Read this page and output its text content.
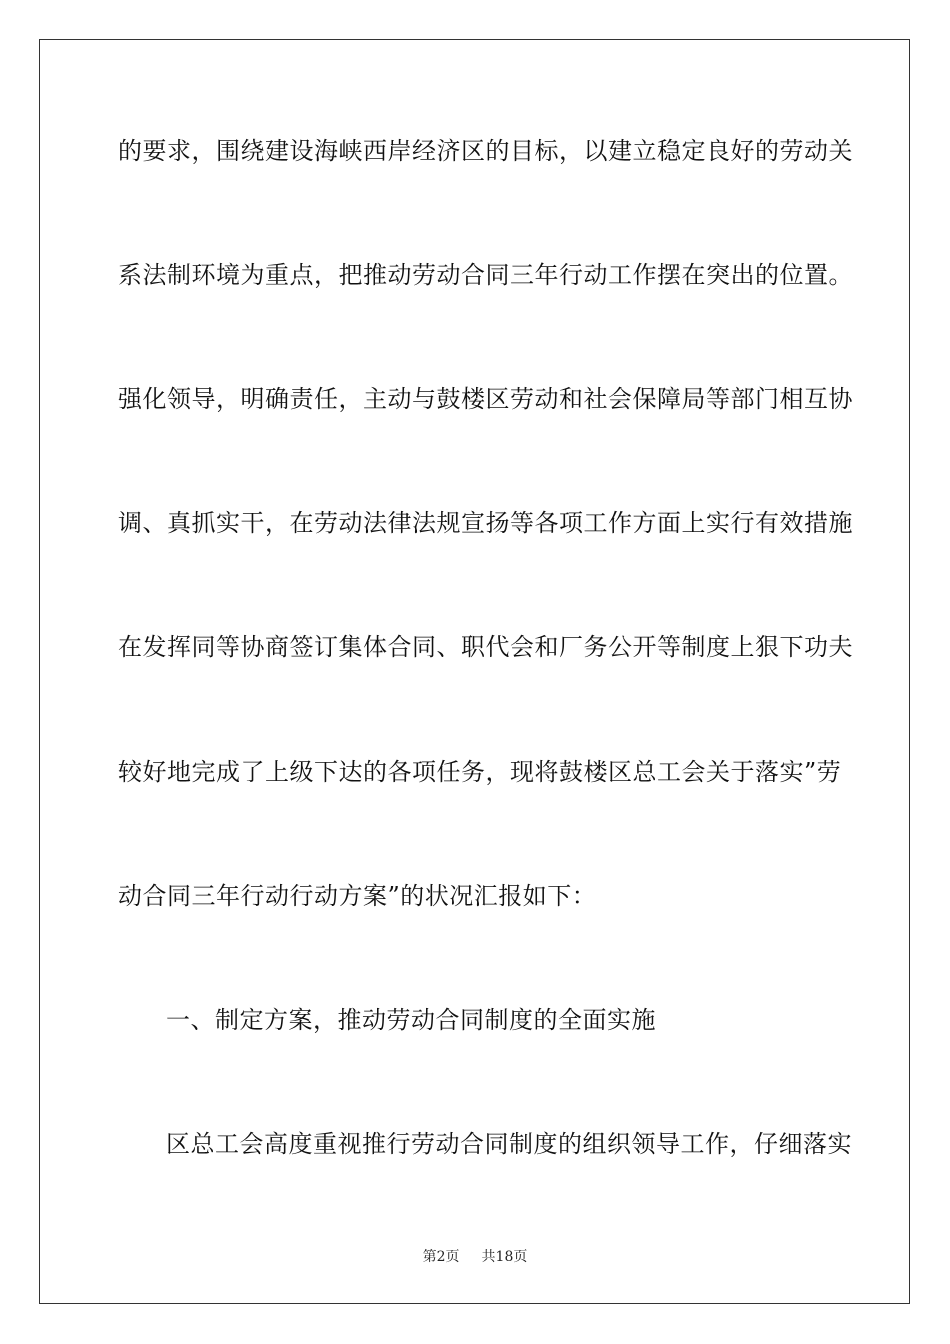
的要求，围绕建设海峡西岸经济区的目标，以建立稳定良好的劳动关
系法制环境为重点，把推动劳动合同三年行动工作摆在突出的位置。
强化领导，明确责任，主动与鼓楼区劳动和社会保障局等部门相互协
调、真抓实干，在劳动法律法规宣扬等各项工作方面上实行有效措施
在发挥同等协商签订集体合同、职代会和厂务公开等制度上狠下功夫
较好地完成了上级下达的各项任务，现将鼓楼区总工会关于落实”劳
动合同三年行动行动方案”的状况汇报如下：
一、制定方案，推动劳动合同制度的全面实施
区总工会高度重视推行劳动合同制度的组织领导工作，仔细落实
第2页 共18页
